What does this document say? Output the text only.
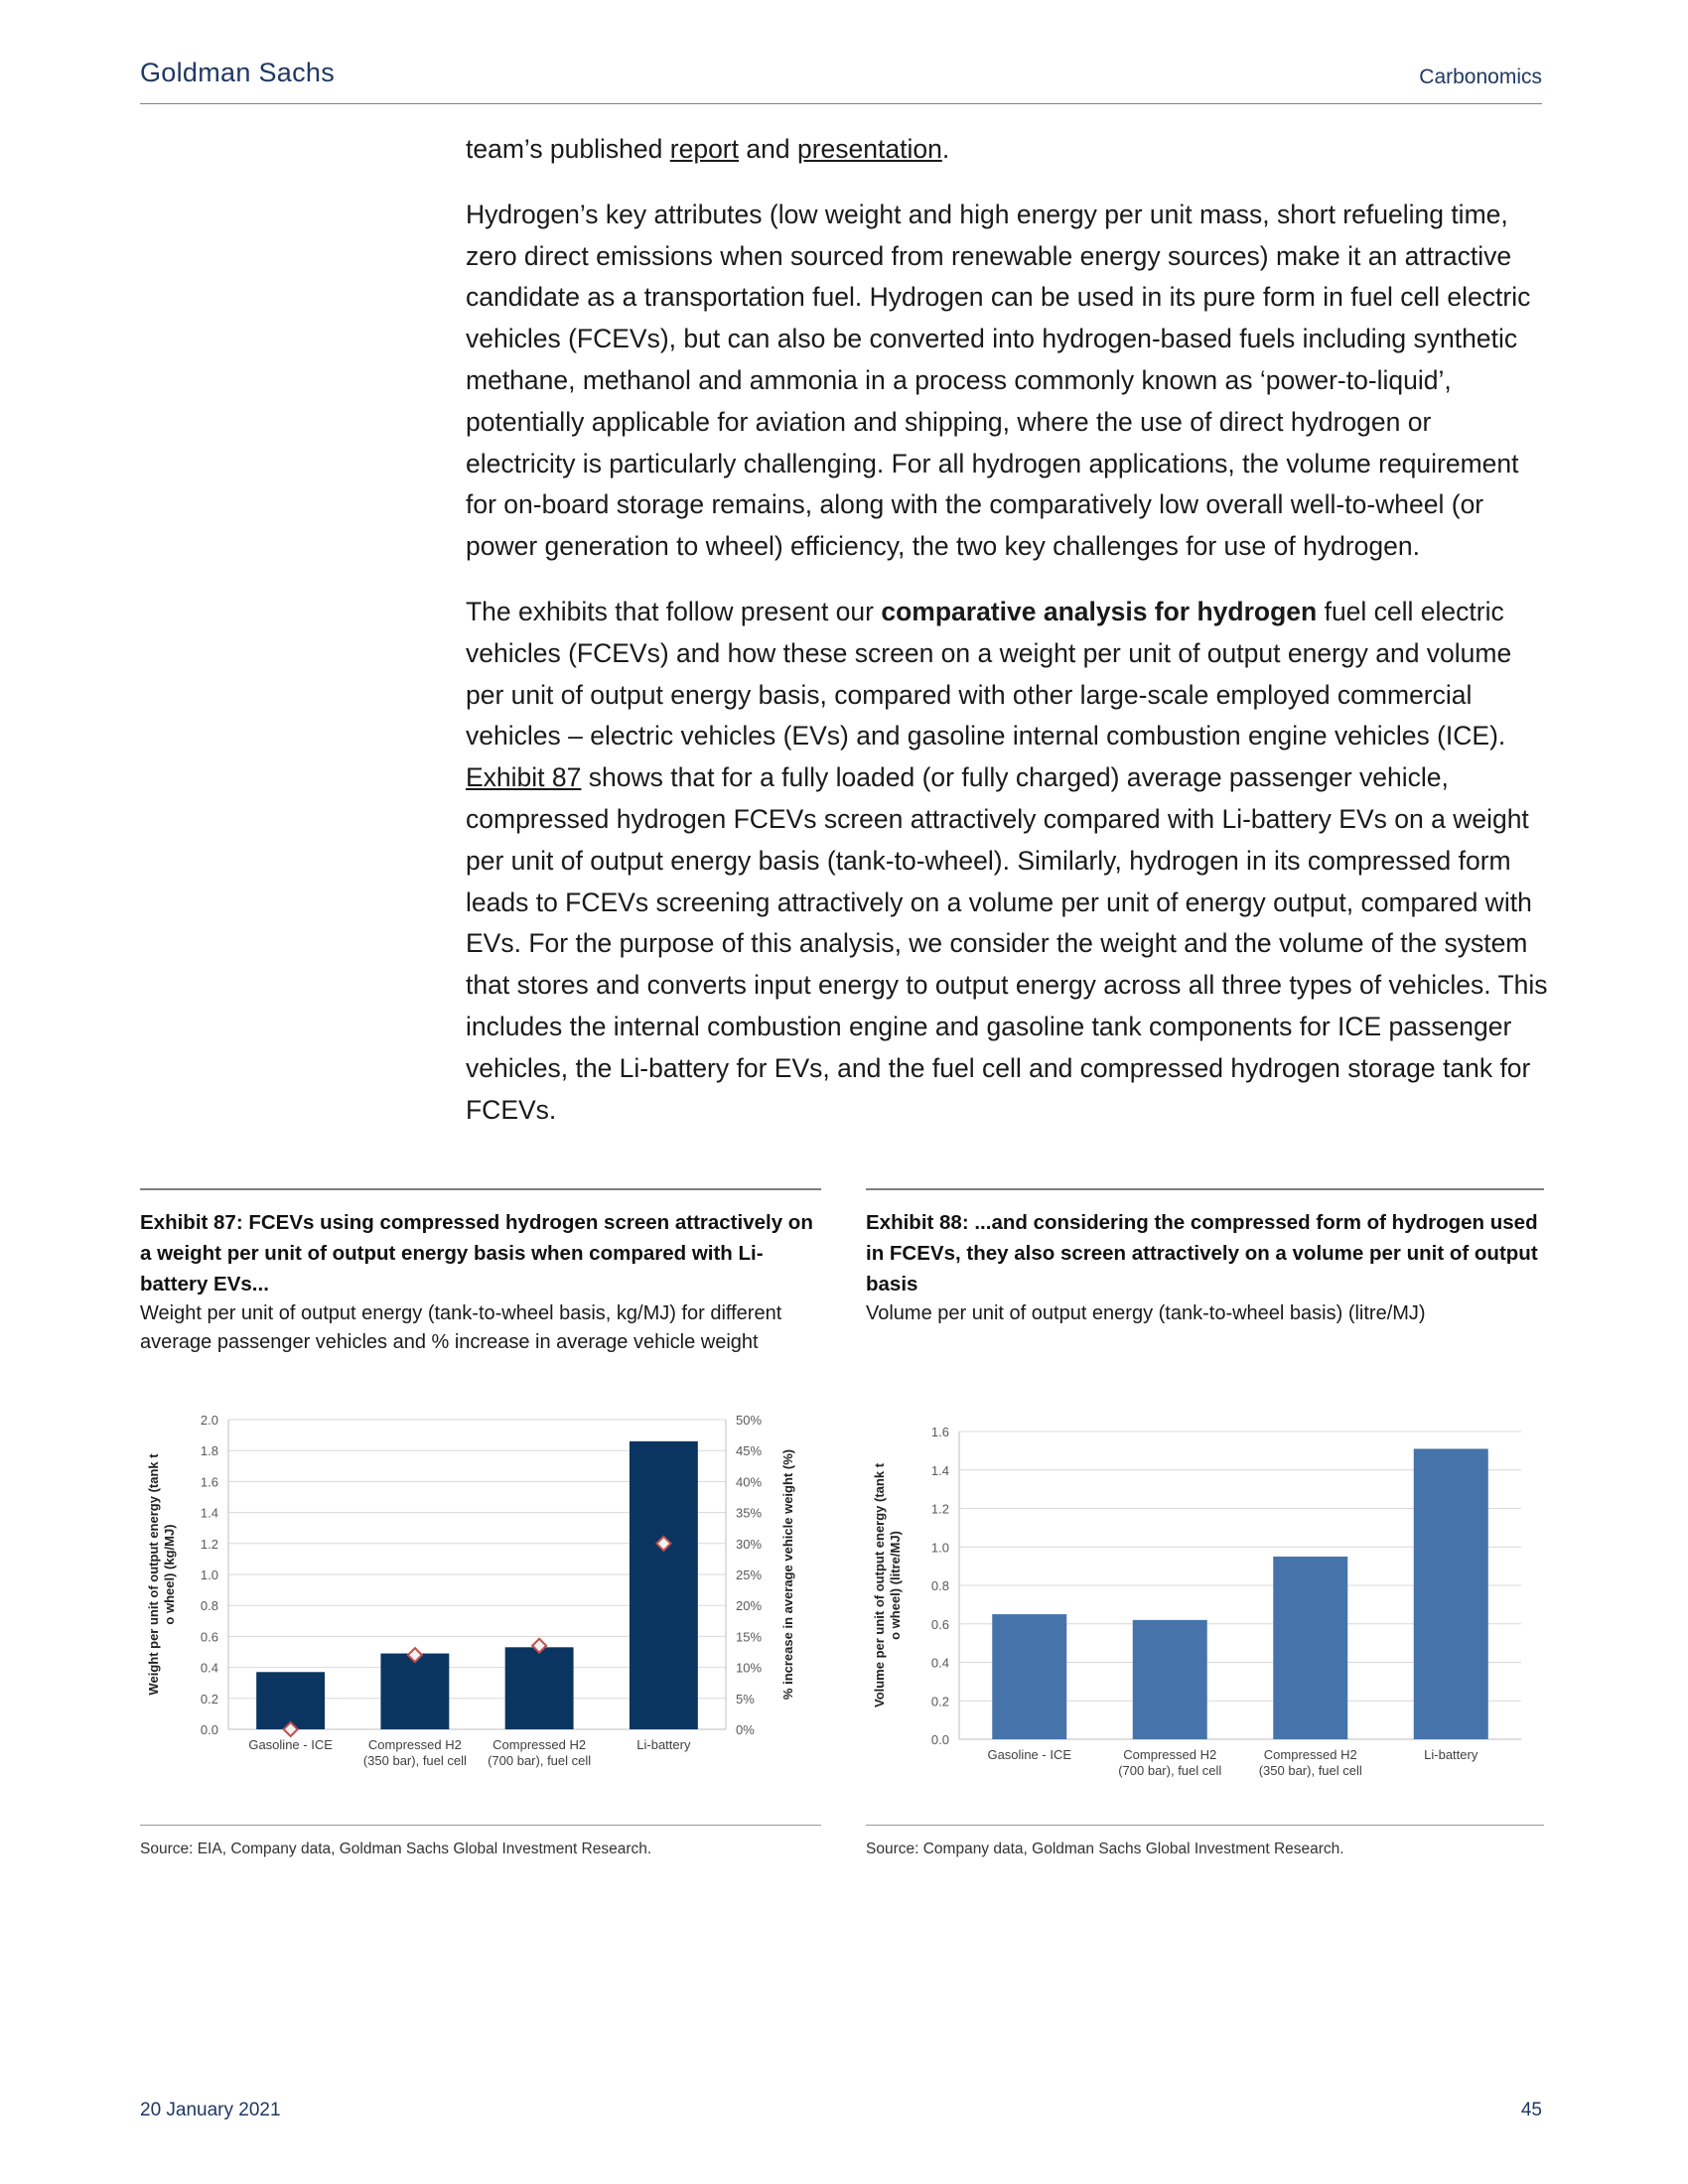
Goldman Sachs	Carbonomics

team’s published report and presentation.

Hydrogen’s key attributes (low weight and high energy per unit mass, short refueling time, zero direct emissions when sourced from renewable energy sources) make it an attractive candidate as a transportation fuel. Hydrogen can be used in its pure form in fuel cell electric vehicles (FCEVs), but can also be converted into hydrogen-based fuels including synthetic methane, methanol and ammonia in a process commonly known as ‘power-to-liquid’, potentially applicable for aviation and shipping, where the use of direct hydrogen or electricity is particularly challenging. For all hydrogen applications, the volume requirement for on-board storage remains, along with the comparatively low overall well-to-wheel (or power generation to wheel) efficiency, the two key challenges for use of hydrogen.

The exhibits that follow present our comparative analysis for hydrogen fuel cell electric vehicles (FCEVs) and how these screen on a weight per unit of output energy and volume per unit of output energy basis, compared with other large-scale employed commercial vehicles – electric vehicles (EVs) and gasoline internal combustion engine vehicles (ICE). Exhibit 87 shows that for a fully loaded (or fully charged) average passenger vehicle, compressed hydrogen FCEVs screen attractively compared with Li-battery EVs on a weight per unit of output energy basis (tank-to-wheel). Similarly, hydrogen in its compressed form leads to FCEVs screening attractively on a volume per unit of energy output, compared with EVs. For the purpose of this analysis, we consider the weight and the volume of the system that stores and converts input energy to output energy across all three types of vehicles. This includes the internal combustion engine and gasoline tank components for ICE passenger vehicles, the Li-battery for EVs, and the fuel cell and compressed hydrogen storage tank for FCEVs.

Exhibit 87: FCEVs using compressed hydrogen screen attractively on a weight per unit of output energy basis when compared with Li-battery EVs...
Weight per unit of output energy (tank-to-wheel basis, kg/MJ) for different average passenger vehicles and % increase in average vehicle weight
Exhibit 88: ...and considering the compressed form of hydrogen used in FCEVs, they also screen attractively on a volume per unit of output basis
Volume per unit of output energy (tank-to-wheel basis) (litre/MJ)
0.0
0.2
0.4
0.6
0.8
1.0
1.2
1.4
1.6
1.8
2.0
0%
5%
10%
15%
20%
25%
30%
35%
40%
45%
50%
Gasoline - ICE	Compressed H2
(350 bar), fuel cell
Compressed H2
(700 bar), fuel cell
Li-battery
Weight per unit of output energy (tank t o wheel) (kg/MJ)	% increase in average vehicle weight (%)
0.0
0.2
0.4
0.6
0.8
1.0
1.2
1.4
1.6
Gasoline - ICE	Compressed H2
(700 bar), fuel cell
Compressed H2
(350 bar), fuel cell
Li-battery
Volume per unit of output energy (tank t o wheel) (litre/MJ)
Source: EIA, Company data, Goldman Sachs Global Investment Research.	Source: Company data, Goldman Sachs Global Investment Research.
20 January 2021	45
